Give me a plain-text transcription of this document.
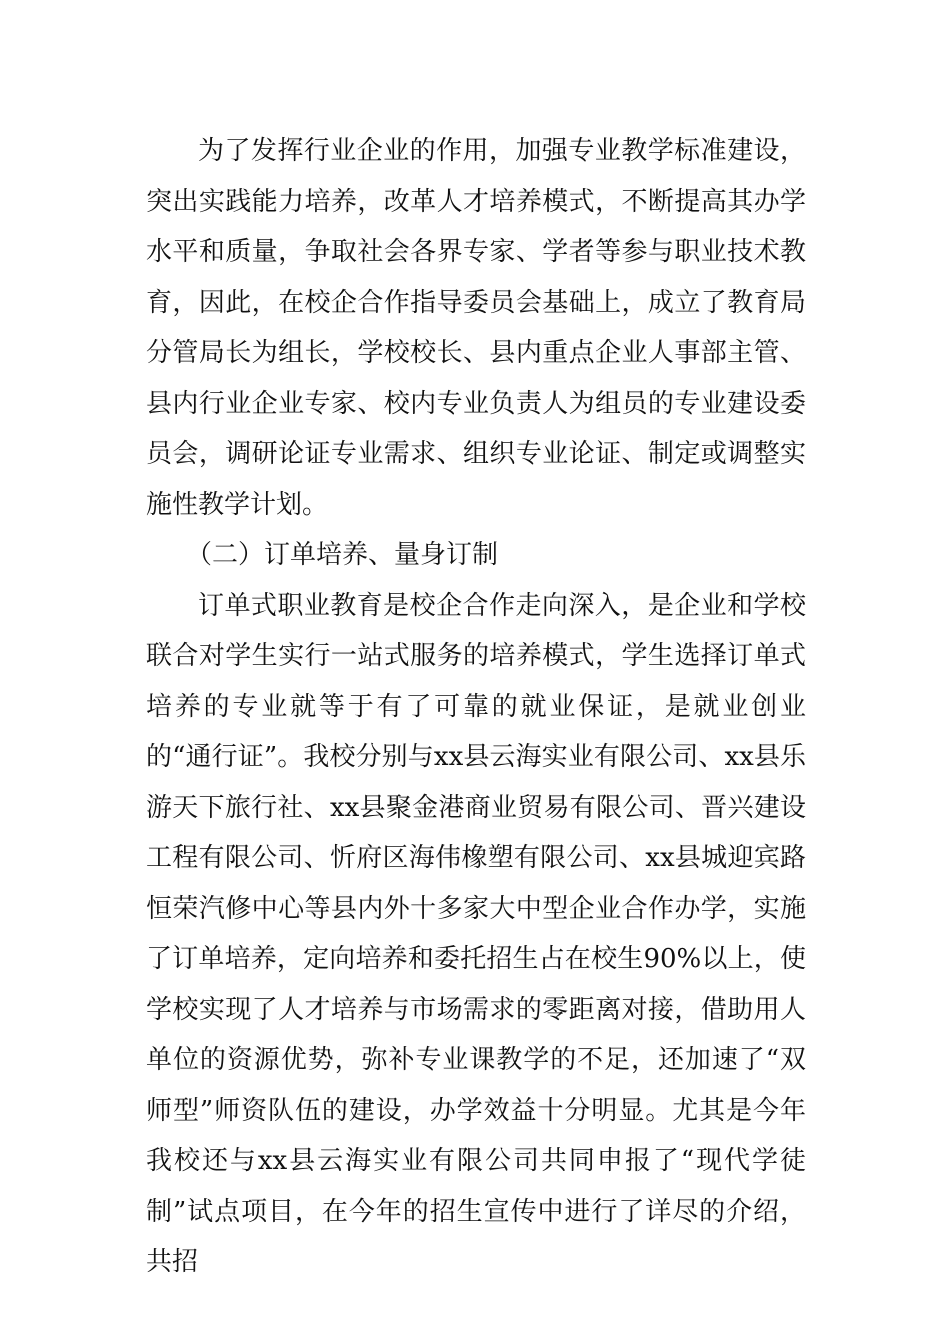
为了发挥行业企业的作用，加强专业教学标准建设，突出实践能力培养，改革人才培养模式，不断提高其办学水平和质量，争取社会各界专家、学者等参与职业技术教育，因此，在校企合作指导委员会基础上，成立了教育局分管局长为组长，学校校长、县内重点企业人事部主管、县内行业企业专家、校内专业负责人为组员的专业建设委员会，调研论证专业需求、组织专业论证、制定或调整实施性教学计划。

（二）订单培养、量身订制

订单式职业教育是校企合作走向深入，是企业和学校联合对学生实行一站式服务的培养模式，学生选择订单式培养的专业就等于有了可靠的就业保证，是就业创业的“通行证”。我校分别与xx县云海实业有限公司、xx县乐游天下旅行社、xx县聚金港商业贸易有限公司、晋兴建设工程有限公司、忻府区海伟橡塑有限公司、xx县城迎宾路恒荣汽修中心等县内外十多家大中型企业合作办学，实施了订单培养，定向培养和委托招生占在校生90%以上，使学校实现了人才培养与市场需求的零距离对接，借助用人单位的资源优势，弥补专业课教学的不足，还加速了“双师型”师资队伍的建设，办学效益十分明显。尤其是今年我校还与xx县云海实业有限公司共同申报了“现代学徒制”试点项目，在今年的招生宣传中进行了详尽的介绍，共招
